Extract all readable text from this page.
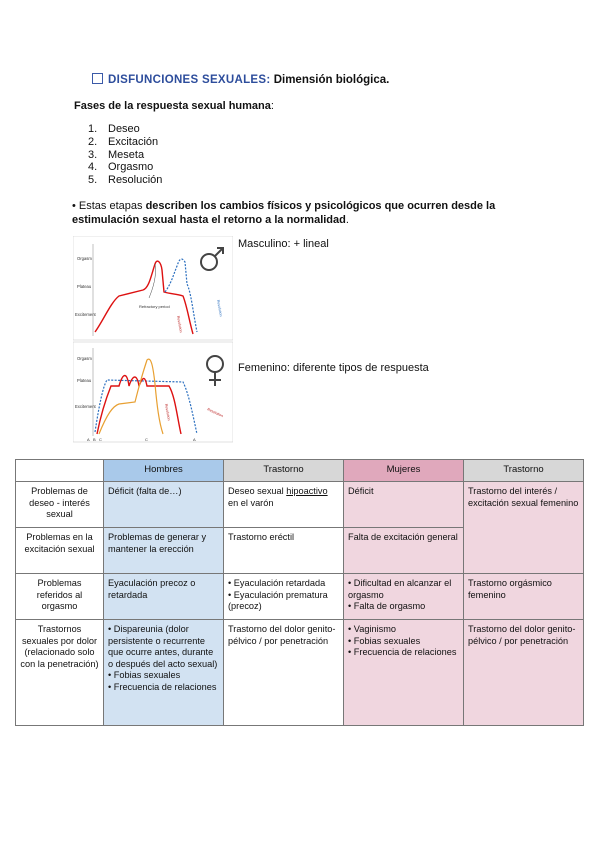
DISFUNCIONES SEXUALES: Dimensión biológica.
Fases de la respuesta sexual humana:
1. Deseo
2. Excitación
3. Meseta
4. Orgasmo
5. Resolución
• Estas etapas describen los cambios físicos y psicológicos que ocurren desde la estimulación sexual hasta el retorno a la normalidad.
Orgasm
Plateau
Excitement
Refractory period
Resolution
Resolution
Orgasm
Plateau
Excitement
A B C	C	A
Resolution	Resolution
Masculino: + lineal
Femenino: diferente tipos de respuesta
	Hombres	Trastorno	Mujeres	Trastorno
Problemas de deseo - interés sexual	Déficit (falta de…)	Deseo sexual hipoactivo en el varón	Déficit	Trastorno del interés / excitación sexual femenino
Problemas en la excitación sexual	Problemas de generar y mantener la erección	Trastorno eréctil	Falta de excitación general	
Problemas referidos al orgasmo	Eyaculación precoz o retardada	• Eyaculación retardada
• Eyaculación prematura (precoz)	• Dificultad en alcanzar el orgasmo
• Falta de orgasmo	Trastorno orgásmico femenino
Trastornos sexuales por dolor
(relacionado solo con la penetración)	• Dispareunia (dolor persistente o recurrente que ocurre antes, durante o después del acto sexual)
• Fobias sexuales
• Frecuencia de relaciones	Trastorno del dolor genito-pélvico / por penetración	• Vaginismo
• Fobias sexuales
• Frecuencia de relaciones	Trastorno del dolor genito-pélvico / por penetración
